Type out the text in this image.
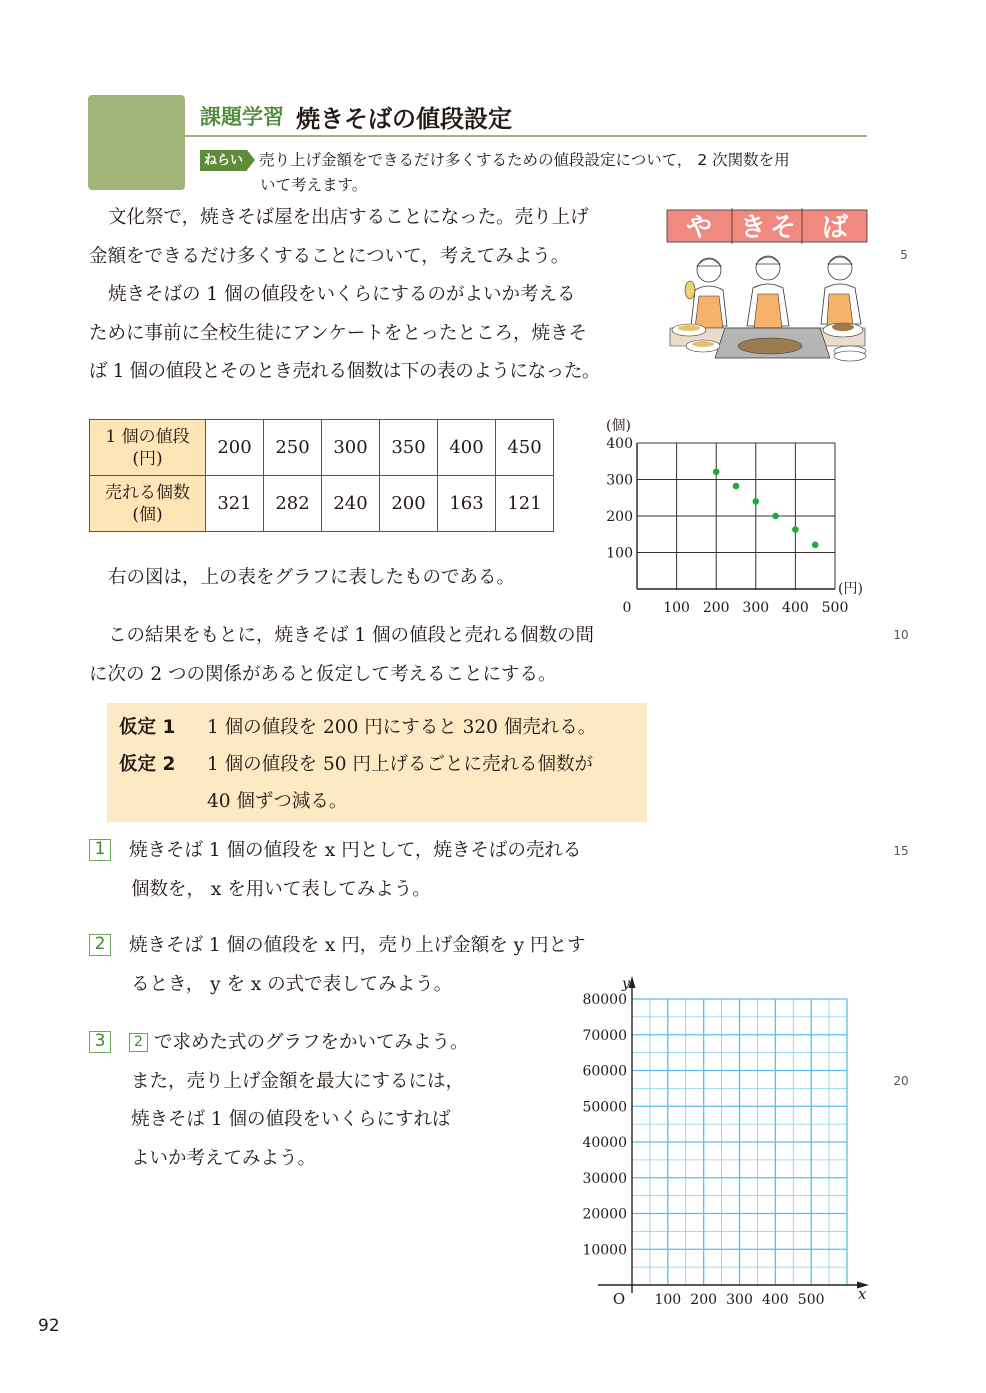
課題学習 焼きそばの値段設定
ねらい 売り上げ金額をできるだけ多くするための値段設定について， 2 次関数を用
いて考えます。

文化祭で，焼きそば屋を出店することになった。売り上げ

金額をできるだけ多くすることについて，考えてみよう。

焼きそばの 1 個の値段をいくらにするのがよいか考える

ために事前に全校生徒にアンケートをとったところ，焼きそ

ば 1 個の値段とそのとき売れる個数は下の表のようになった。

や き そ ば
5
10
15
20
1 個の値段
(円)	200	250	300	350	400	450
売れる個数
(個)	321	282	240	200	163	121
100
200
300
400
0 100 200 300 400 500
(個)
(円)

右の図は，上の表をグラフに表したものである。

この結果をもとに，焼きそば 1 個の値段と売れる個数の間

に次の 2 つの関係があると仮定して考えることにする。

仮定 1 1 個の値段を 200 円にすると 320 個売れる。

仮定 2 1 個の値段を 50 円上げるごとに売れる個数が

40 個ずつ減る。

1 焼きそば 1 個の値段を x 円として，焼きそばの売れる

個数を， x を用いて表してみよう。

2 焼きそば 1 個の値段を x 円，売り上げ金額を y 円とす

るとき， y を x の式で表してみよう。

3 2 で求めた式のグラフをかいてみよう。

また，売り上げ金額を最大にするには，

焼きそば 1 個の値段をいくらにすれば

よいか考えてみよう。

10000
20000
30000
40000
50000
60000
70000
80000
100 200 300 400 500
O
y
x
92
